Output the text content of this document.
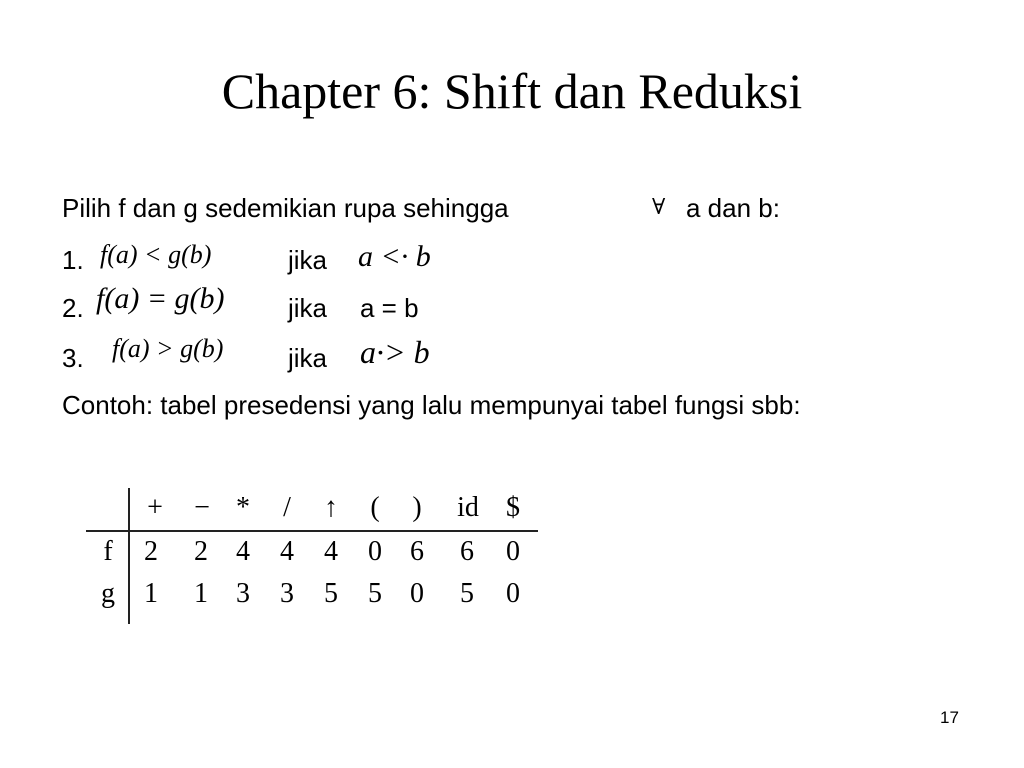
Chapter 6: Shift dan Reduksi
Pilih f dan g sedemikian rupa sehingga	∀ a dan b:
1. f(a) < g(b)	jika a <· b
2. f(a) = g(b) jika a = b
3. f(a) > g(b) jika a·> b
Contoh: tabel presedensi yang lalu mempunyai tabel fungsi sbb:
+ − *	/	↑	(	)	id $
f 2 2 4 4 4 0 6 6 0
g 1 1 3 3 5 5 0 5 0
17
